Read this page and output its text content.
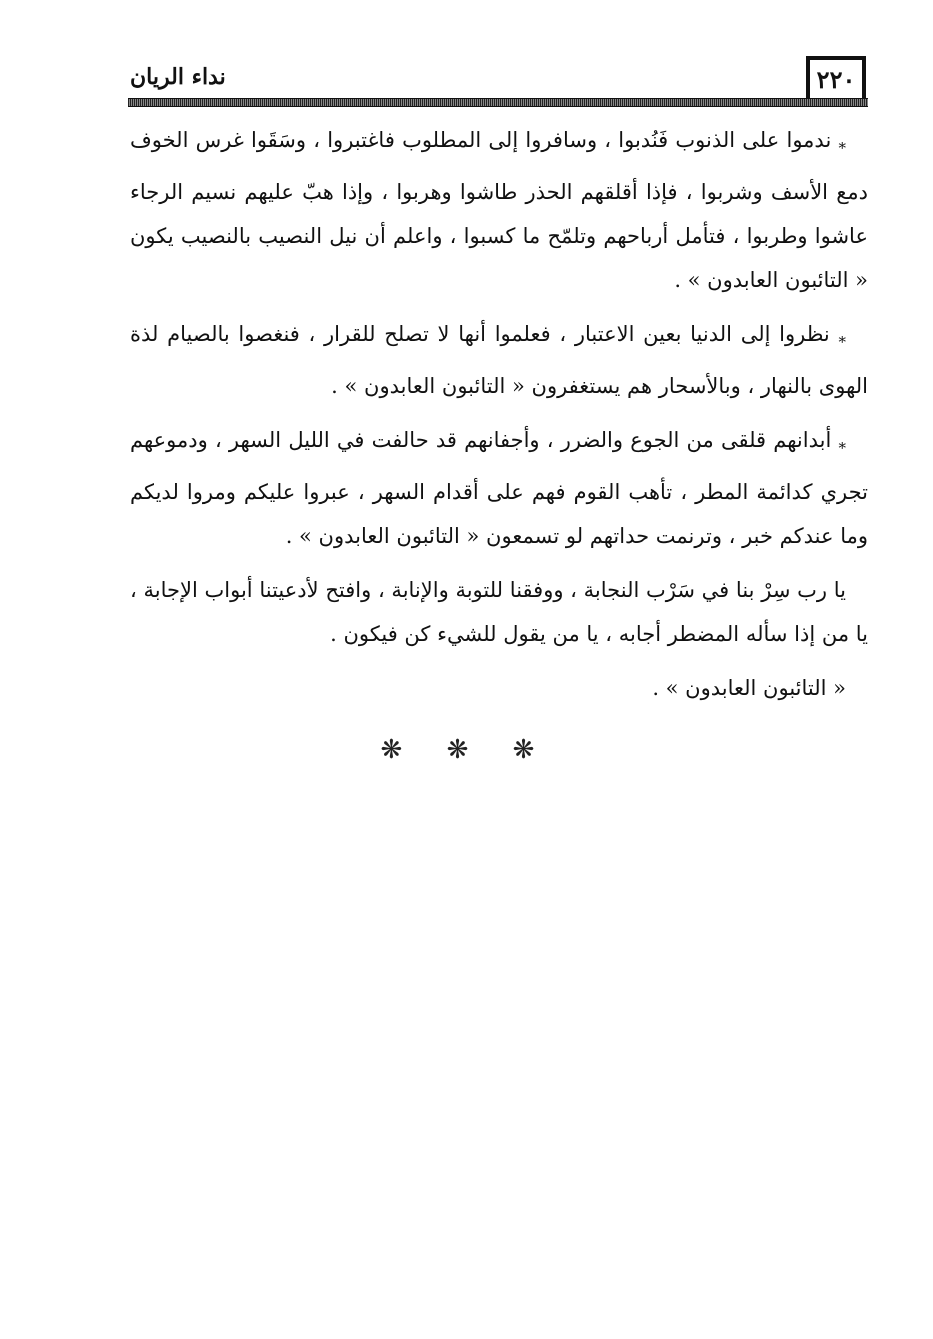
٢٢٠
نداء الريان

$_*$ ندموا على الذنوب فَنُدبوا ، وسافروا إلى المطلوب فاغتبروا ، وسَقَوا غرس الخوف دمع الأسف وشربوا ، فإذا أقلقهم الحذر طاشوا وهربوا ، وإذا هبّ عليهم نسيم الرجاء عاشوا وطربوا ، فتأمل أرباحهم وتلمّح ما كسبوا ، واعلم أن نيل النصيب بالنصيب يكون « التائبون العابدون » .

$_*$ نظروا إلى الدنيا بعين الاعتبار ، فعلموا أنها لا تصلح للقرار ، فنغصوا بالصيام لذة الهوى بالنهار ، وبالأسحار هم يستغفرون « التائبون العابدون » .

$_*$ أبدانهم قلقى من الجوع والضرر ، وأجفانهم قد حالفت في الليل السهر ، ودموعهم تجري كدائمة المطر ، تأهب القوم فهم على أقدام السهر ، عبروا عليكم ومروا لديكم وما عندكم خبر ، وترنمت حداتهم لو تسمعون « التائبون العابدون » .

يا رب سِرْ بنا في سَرْب النجابة ، ووفقنا للتوبة والإنابة ، وافتح لأدعيتنا أبواب الإجابة ، يا من إذا سأله المضطر أجابه ، يا من يقول للشيء كن فيكون .

« التائبون العابدون » .

❋ ❋ ❋
